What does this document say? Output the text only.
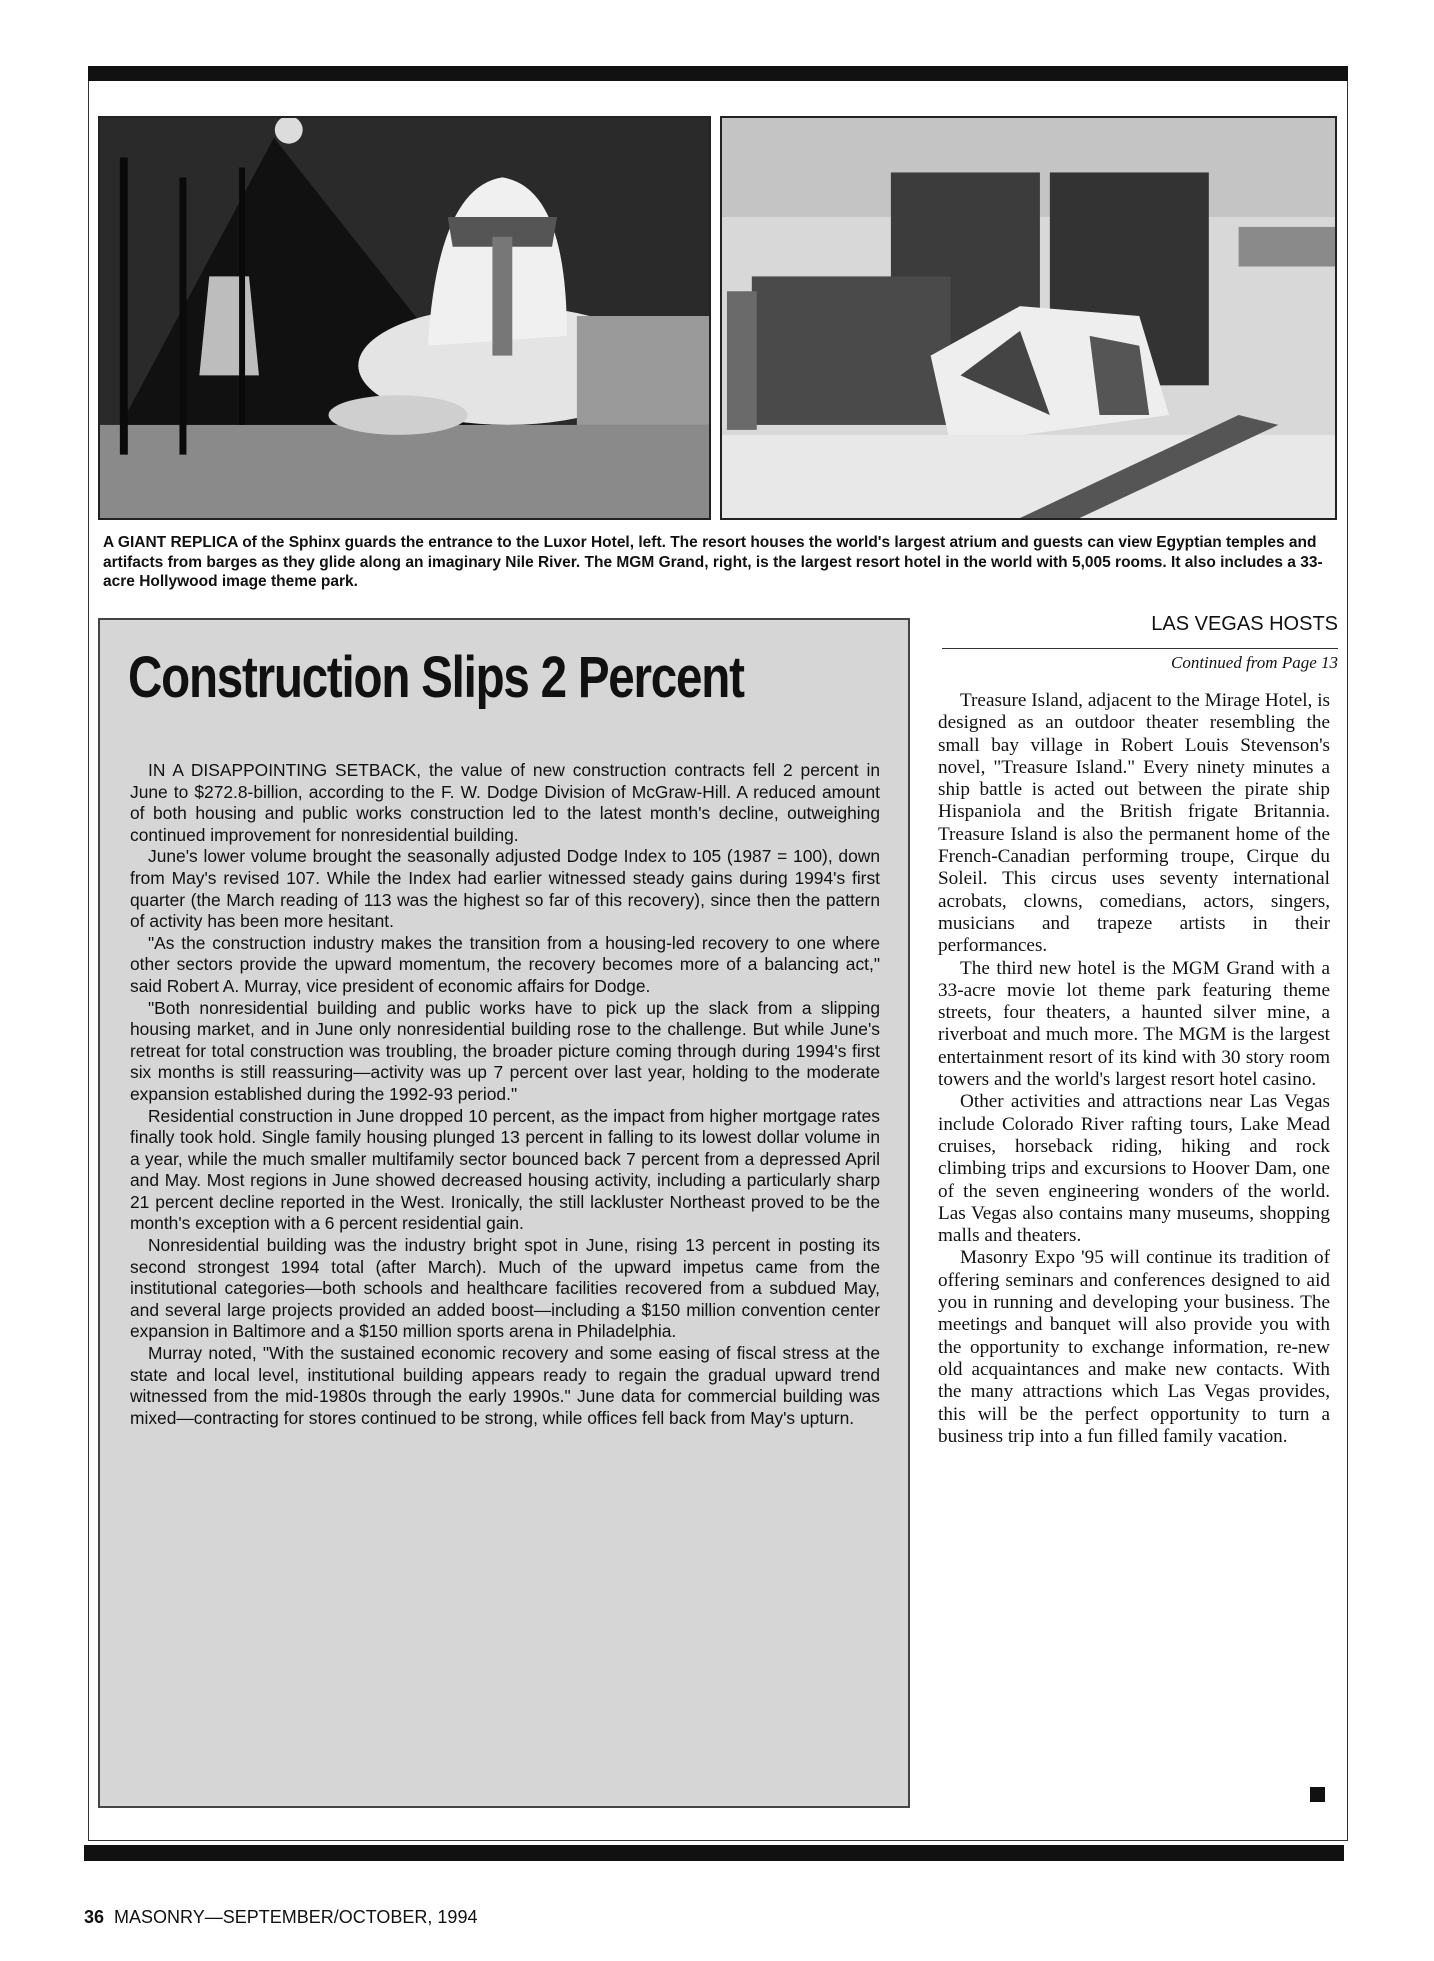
A GIANT REPLICA of the Sphinx guards the entrance to the Luxor Hotel, left. The resort houses the world's largest atrium and guests can view Egyptian temples and artifacts from barges as they glide along an imaginary Nile River. The MGM Grand, right, is the largest resort hotel in the world with 5,005 rooms. It also includes a 33-acre Hollywood image theme park.
Construction Slips 2 Percent

IN A DISAPPOINTING SETBACK, the value of new construction contracts fell 2 percent in June to $272.8-billion, according to the F. W. Dodge Division of McGraw-Hill. A reduced amount of both housing and public works construction led to the latest month's decline, outweighing continued improvement for nonresidential building.

June's lower volume brought the seasonally adjusted Dodge Index to 105 (1987 = 100), down from May's revised 107. While the Index had earlier witnessed steady gains during 1994's first quarter (the March reading of 113 was the highest so far of this recovery), since then the pattern of activity has been more hesitant.

"As the construction industry makes the transition from a housing-led recovery to one where other sectors provide the upward momentum, the recovery becomes more of a balancing act," said Robert A. Murray, vice president of economic affairs for Dodge.

"Both nonresidential building and public works have to pick up the slack from a slipping housing market, and in June only nonresidential building rose to the challenge. But while June's retreat for total construction was troubling, the broader picture coming through during 1994's first six months is still reassuring—activity was up 7 percent over last year, holding to the moderate expansion established during the 1992-93 period."

Residential construction in June dropped 10 percent, as the impact from higher mortgage rates finally took hold. Single family housing plunged 13 percent in falling to its lowest dollar volume in a year, while the much smaller multifamily sector bounced back 7 percent from a depressed April and May. Most regions in June showed decreased housing activity, including a particularly sharp 21 percent decline reported in the West. Ironically, the still lackluster Northeast proved to be the month's exception with a 6 percent residential gain.

Nonresidential building was the industry bright spot in June, rising 13 percent in posting its second strongest 1994 total (after March). Much of the upward impetus came from the institutional categories—both schools and healthcare facilities recovered from a subdued May, and several large projects provided an added boost—including a $150 million convention center expansion in Baltimore and a $150 million sports arena in Philadelphia.

Murray noted, "With the sustained economic recovery and some easing of fiscal stress at the state and local level, institutional building appears ready to regain the gradual upward trend witnessed from the mid-1980s through the early 1990s." June data for commercial building was mixed—contracting for stores continued to be strong, while offices fell back from May's upturn.

LAS VEGAS HOSTS
Continued from Page 13

Treasure Island, adjacent to the Mirage Hotel, is designed as an outdoor theater resembling the small bay village in Robert Louis Stevenson's novel, "Treasure Island." Every ninety minutes a ship battle is acted out between the pirate ship Hispaniola and the British frigate Britannia. Treasure Island is also the permanent home of the French-Canadian performing troupe, Cirque du Soleil. This circus uses seventy international acrobats, clowns, comedians, actors, singers, musicians and trapeze artists in their performances.

The third new hotel is the MGM Grand with a 33-acre movie lot theme park featuring theme streets, four theaters, a haunted silver mine, a riverboat and much more. The MGM is the largest entertainment resort of its kind with 30 story room towers and the world's largest resort hotel casino.

Other activities and attractions near Las Vegas include Colorado River rafting tours, Lake Mead cruises, horseback riding, hiking and rock climbing trips and excursions to Hoover Dam, one of the seven engineering wonders of the world. Las Vegas also contains many museums, shopping malls and theaters.

Masonry Expo '95 will continue its tradition of offering seminars and conferences designed to aid you in running and developing your business. The meetings and banquet will also provide you with the opportunity to exchange information, re-new old acquaintances and make new contacts. With the many attractions which Las Vegas provides, this will be the perfect opportunity to turn a business trip into a fun filled family vacation.

36 MASONRY—SEPTEMBER/OCTOBER, 1994
